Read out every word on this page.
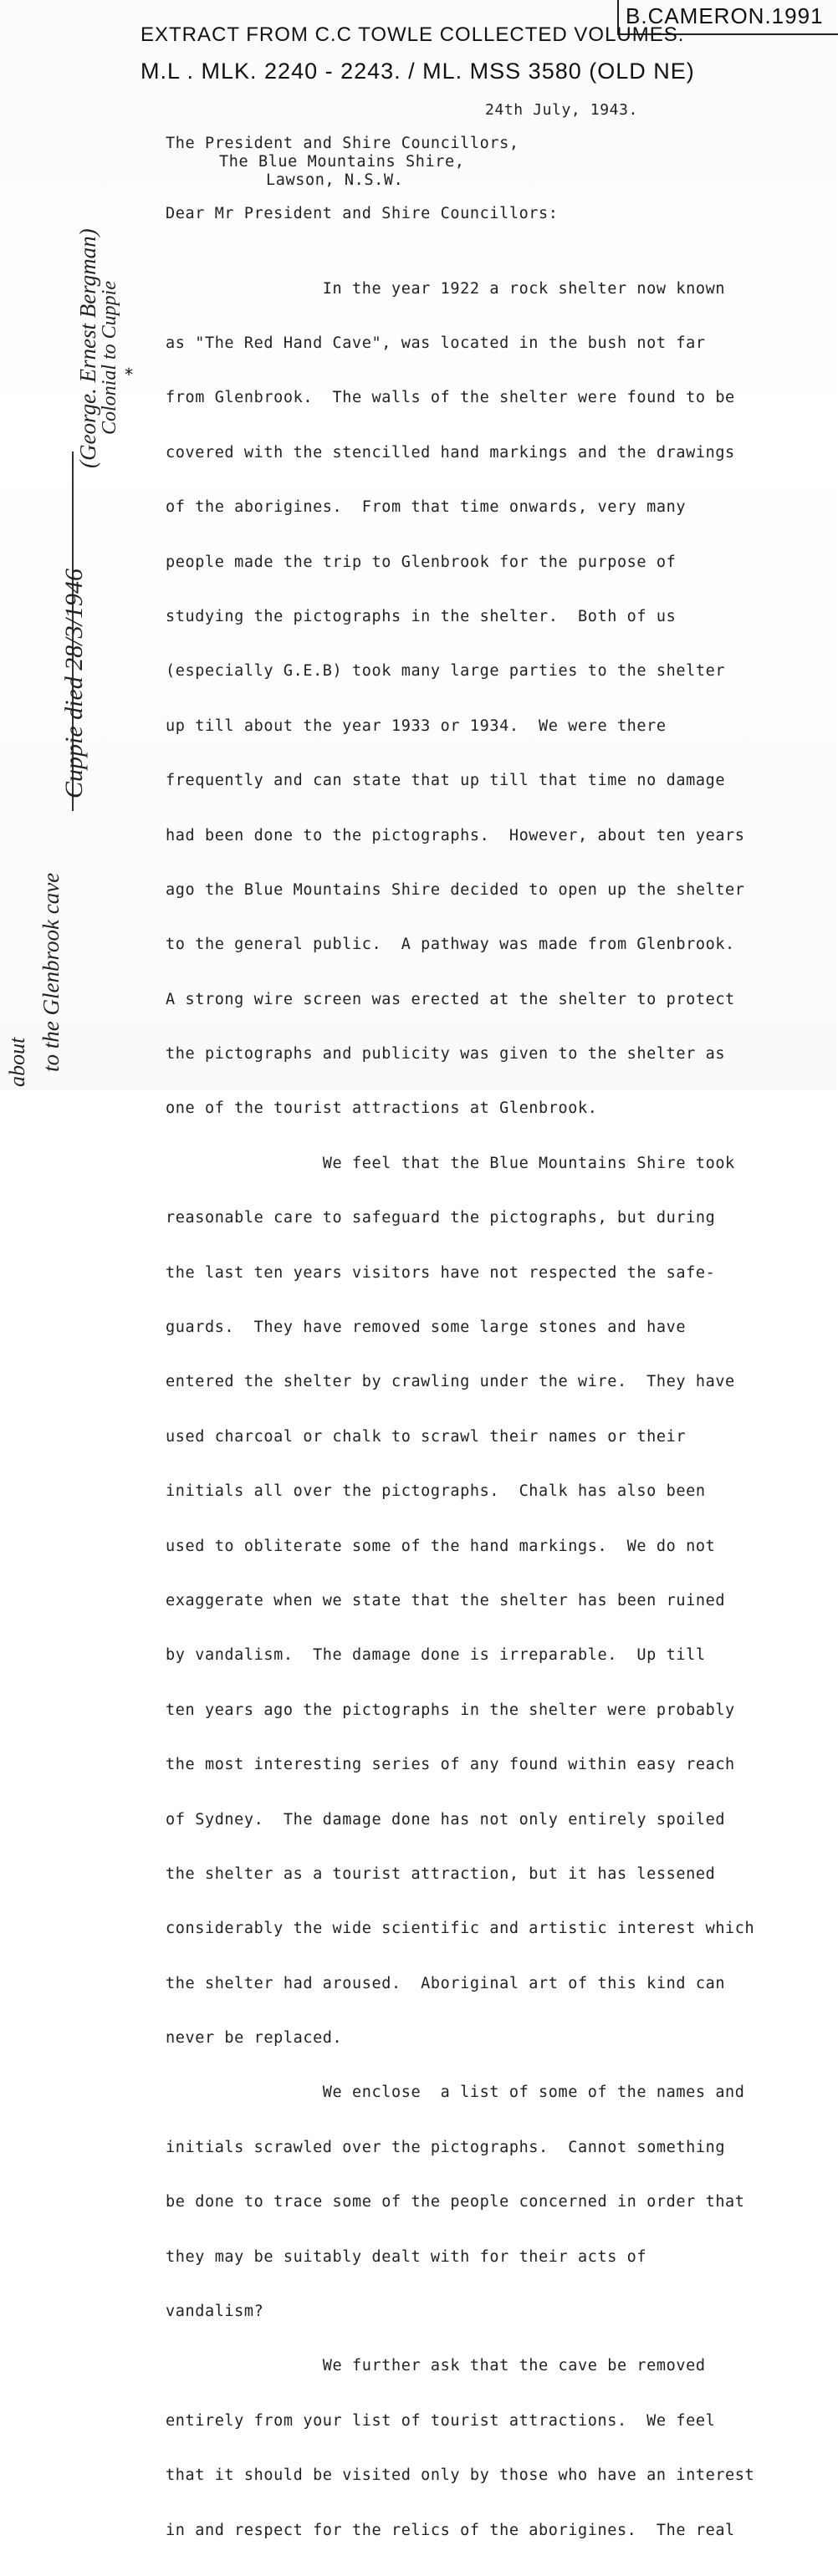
B.CAMERON.1991
EXTRACT FROM C.C TOWLE COLLECTED VOLUMES.
M.L . MLK. 2240 - 2243. / ML. MSS 3580 (OLD NE)
24th July, 1943.
The President and Shire Councillors,
The Blue Mountains Shire,
Lawson, N.S.W.
Dear Mr President and Shire Councillors:

In the year 1922 a rock shelter now known

as "The Red Hand Cave", was located in the bush not far

from Glenbrook.  The walls of the shelter were found to be

covered with the stencilled hand markings and the drawings

of the aborigines.  From that time onwards, very many

people made the trip to Glenbrook for the purpose of

studying the pictographs in the shelter.  Both of us

(especially G.E.B) took many large parties to the shelter

up till about the year 1933 or 1934.  We were there

frequently and can state that up till that time no damage

had been done to the pictographs.  However, about ten years

ago the Blue Mountains Shire decided to open up the shelter

to the general public.  A pathway was made from Glenbrook.

A strong wire screen was erected at the shelter to protect

the pictographs and publicity was given to the shelter as

one of the tourist attractions at Glenbrook.

We feel that the Blue Mountains Shire took

reasonable care to safeguard the pictographs, but during

the last ten years visitors have not respected the safe-

guards.  They have removed some large stones and have

entered the shelter by crawling under the wire.  They have

used charcoal or chalk to scrawl their names or their

initials all over the pictographs.  Chalk has also been

used to obliterate some of the hand markings.  We do not

exaggerate when we state that the shelter has been ruined

by vandalism.  The damage done is irreparable.  Up till

ten years ago the pictographs in the shelter were probably

the most interesting series of any found within easy reach

of Sydney.  The damage done has not only entirely spoiled

the shelter as a tourist attraction, but it has lessened

considerably the wide scientific and artistic interest which

the shelter had aroused.  Aboriginal art of this kind can

never be replaced.

We enclose  a list of some of the names and

initials scrawled over the pictographs.  Cannot something

be done to trace some of the people concerned in order that

they may be suitably dealt with for their acts of

vandalism?

We further ask that the cave be removed

entirely from your list of tourist attractions.  We feel

that it should be visited only by those who have an interest

in and respect for the relics of the aborigines.  The real

*
(George. Ernest Bergman)
Colonial to Cuppie
Cuppie died 28/3/1946
about to the Glenbrook cave
